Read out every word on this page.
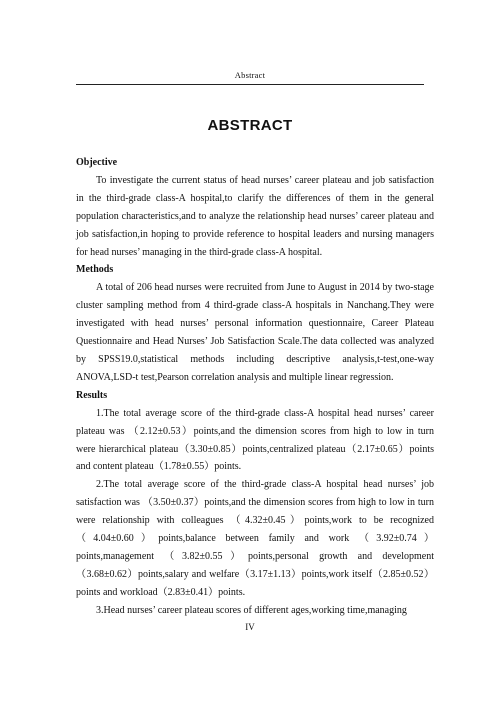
Abstract
ABSTRACT

Objective

To investigate the current status of head nurses’ career plateau and job satisfaction in the third-grade class-A hospital,to clarify the differences of them in the general population characteristics,and to analyze the relationship head nurses’ career plateau and job satisfaction,in hoping to provide reference to hospital leaders and nursing managers for head nurses’ managing in the third-grade class-A hospital.

Methods

A total of 206 head nurses were recruited from June to August in 2014 by two-stage cluster sampling method from 4 third-grade class-A hospitals in Nanchang.They were investigated with head nurses’ personal information questionnaire, Career Plateau Questionnaire and Head Nurses’ Job Satisfaction Scale.The data collected was analyzed by SPSS19.0,statistical methods including descriptive analysis,t-test,one-way ANOVA,LSD-t test,Pearson correlation analysis and multiple linear regression.

Results

1.The total average score of the third-grade class-A hospital head nurses’ career plateau was （2.12±0.53）points,and the dimension scores from high to low in turn were hierarchical plateau（3.30±0.85）points,centralized plateau（2.17±0.65）points and content plateau（1.78±0.55）points.

2.The total average score of the third-grade class-A hospital head nurses’ job satisfaction was （3.50±0.37）points,and the dimension scores from high to low in turn were relationship with colleagues （4.32±0.45）points,work to be recognized （4.04±0.60）points,balance between family and work （3.92±0.74）points,management （3.82±0.55）points,personal growth and development （3.68±0.62）points,salary and welfare（3.17±1.13）points,work itself（2.85±0.52）points and workload（2.83±0.41）points.

3.Head nurses’ career plateau scores of different ages,working time,managing

IV
